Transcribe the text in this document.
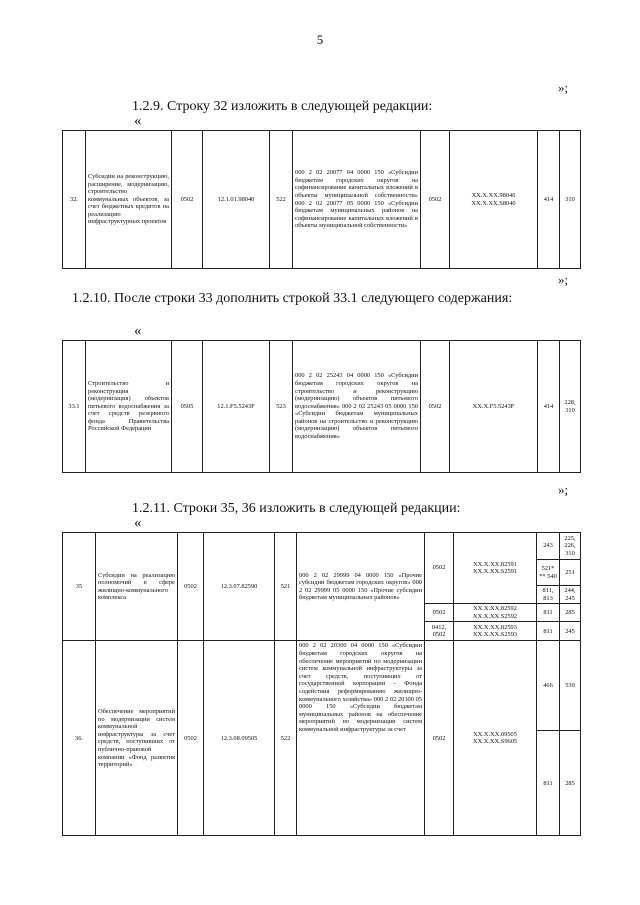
5
»;
1.2.9. Строку 32 изложить в следующей редакции:
«
32.	Субсидии на реконструкцию, расширение, модернизацию, строительство коммунальных объектов, за счет бюджетных кредитов на реализацию инфраструктурных проектов	0502	12.1.01.98040	522	000 2 02 20077 04 0000 150 «Субсидии бюджетам городских округов на софинансирование капитальных вложений в объекты муниципальной собственности» 000 2 02 20077 05 0000 150 «Субсидии бюджетам муниципальных районов на софинансирование капитальных вложений в объекты муниципальной собственности»	0502	
XX.X.XX.98040
XX.X.XX.S8040
	414	310
»;
1.2.10. После строки 33 дополнить строкой 33.1 следующего содержания:
«
33.1	Строительство и реконструкция (модернизация) объектов питьевого водоснабжения за счет средств резервного фонда Правительства Российской Федерации	0505	12.1.F5.5243F	523	000 2 02 25243 04 0000 150 «Субсидии бюджетам городских округов на строительство и реконструкцию (модернизацию) объектов питьевого водоснабжения» 000 2 02 25243 05 0000 150 «Субсидии бюджетам муниципальных районов на строительство и реконструкцию (модернизацию) объектов питьевого водоснабжения»	0502	XX.X.F5.5243F	414	228, 310
»;
1.2.11. Строки 35, 36 изложить в следующей редакции:
«
35	Субсидии на реализацию полномочий в сфере жилищно-коммунального комплекса	0502	12.3.07.82590	521	000 2 02 29999 04 0000 150 «Прочие субсидии бюджетам городских округов» 000 2 02 29999 05 0000 150 «Прочие субсидии бюджетам муниципальных районов»	0502	XX.X.XX.82591
XX.X.XX.S2591	243	225, 226, 310
								521* ** 540	251
								811, 813	244, 245
						0502	XX.X.XX.82592
XX.X.XX.S2592	811	285
						0412, 0502	XX.X.XX.82593
XX.X.XX.S2593	811	245
36.	Обеспечение мероприятий по модернизации систем коммунальной инфраструктуры за счет средств, поступивших от публично-правовой компании «Фонд развития территорий»	0502	12.3.08.09505	522	000 2 02 20300 04 0000 150 «Субсидии бюджетам городских округов на обеспечение мероприятий по модернизации систем коммунальной инфраструктуры за счет средств, поступивших от государственной корпорации - Фонда содействия реформированию жилищно-коммунального хозяйства» 000 2 02 20300 05 0000 150 «Субсидии бюджетам муниципальных районов на обеспечение мероприятий по модернизации систем коммунальной инфраструктуры за счет	0502	XX.X.XX.09505
XX.X.XX.S9605	466	530
								811	285
